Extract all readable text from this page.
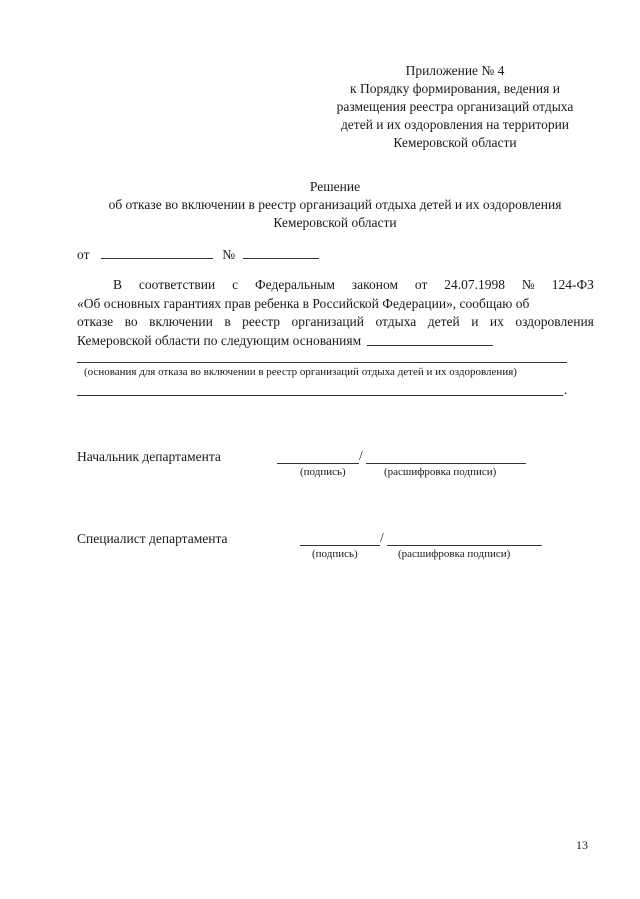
Приложение № 4
к Порядку формирования, ведения и
размещения реестра организаций отдыха
детей и их оздоровления на территории
Кемеровской области
Решение
об отказе во включении в реестр организаций отдыха детей и их оздоровления
Кемеровской области
от	№
В соответствии с Федеральным законом от 24.07.1998 № 124-ФЗ
«Об основных гарантиях прав ребенка в Российской Федерации», сообщаю об
отказе во включении в реестр организаций отдыха детей и их оздоровления
Кемеровской области по следующим основаниям
(основания для отказа во включении в реестр организаций отдыха детей и их оздоровления)
.
Начальник департамента	/
(подпись)	(расшифровка подписи)
Специалист департамента	/
(подпись)	(расшифровка подписи)
13
